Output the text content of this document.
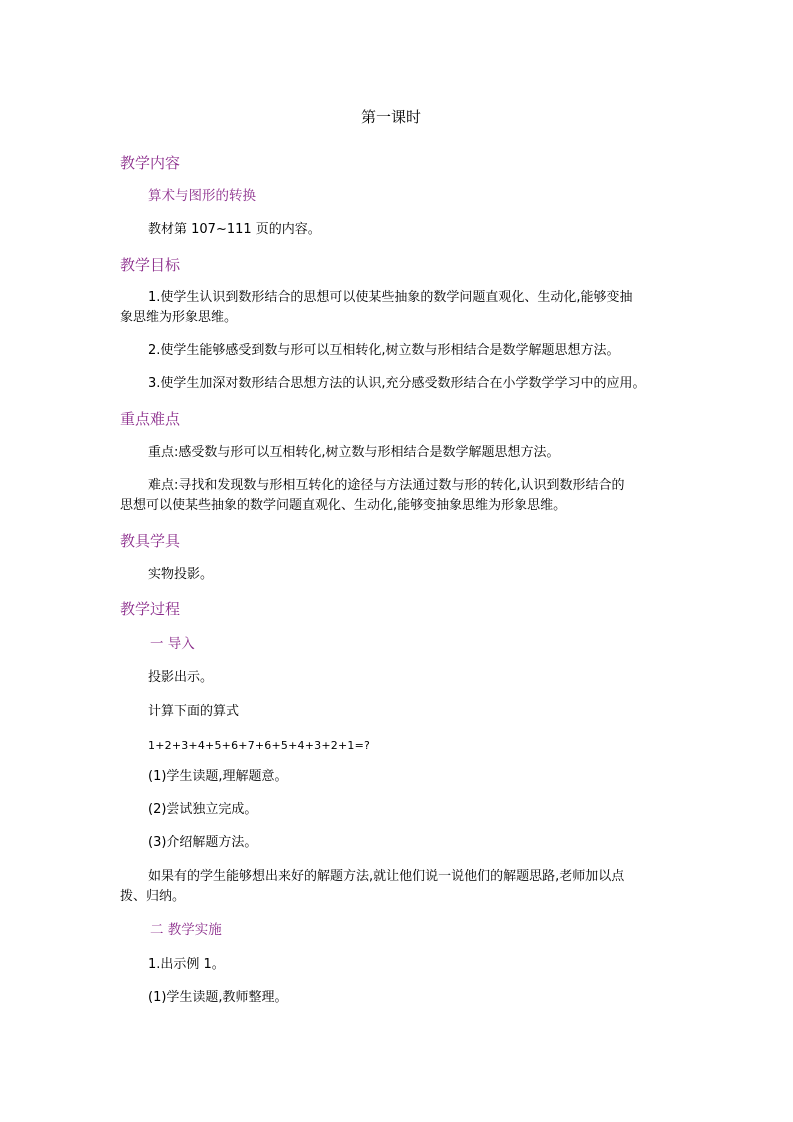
第一课时
教学内容
算术与图形的转换
教材第 107~111 页的内容。
教学目标
1.使学生认识到数形结合的思想可以使某些抽象的数学问题直观化、生动化,能够变抽
象思维为形象思维。
2.使学生能够感受到数与形可以互相转化,树立数与形相结合是数学解题思想方法。
3.使学生加深对数形结合思想方法的认识,充分感受数形结合在小学数学学习中的应用。
重点难点
重点:感受数与形可以互相转化,树立数与形相结合是数学解题思想方法。
难点:寻找和发现数与形相互转化的途径与方法通过数与形的转化,认识到数形结合的
思想可以使某些抽象的数学问题直观化、生动化,能够变抽象思维为形象思维。
教具学具
实物投影。
教学过程
一 导入
投影出示。
计算下面的算式
1+2+3+4+5+6+7+6+5+4+3+2+1=?
(1)学生读题,理解题意。
(2)尝试独立完成。
(3)介绍解题方法。
如果有的学生能够想出来好的解题方法,就让他们说一说他们的解题思路,老师加以点
拨、归纳。
二 教学实施
1.出示例 1。
(1)学生读题,教师整理。
